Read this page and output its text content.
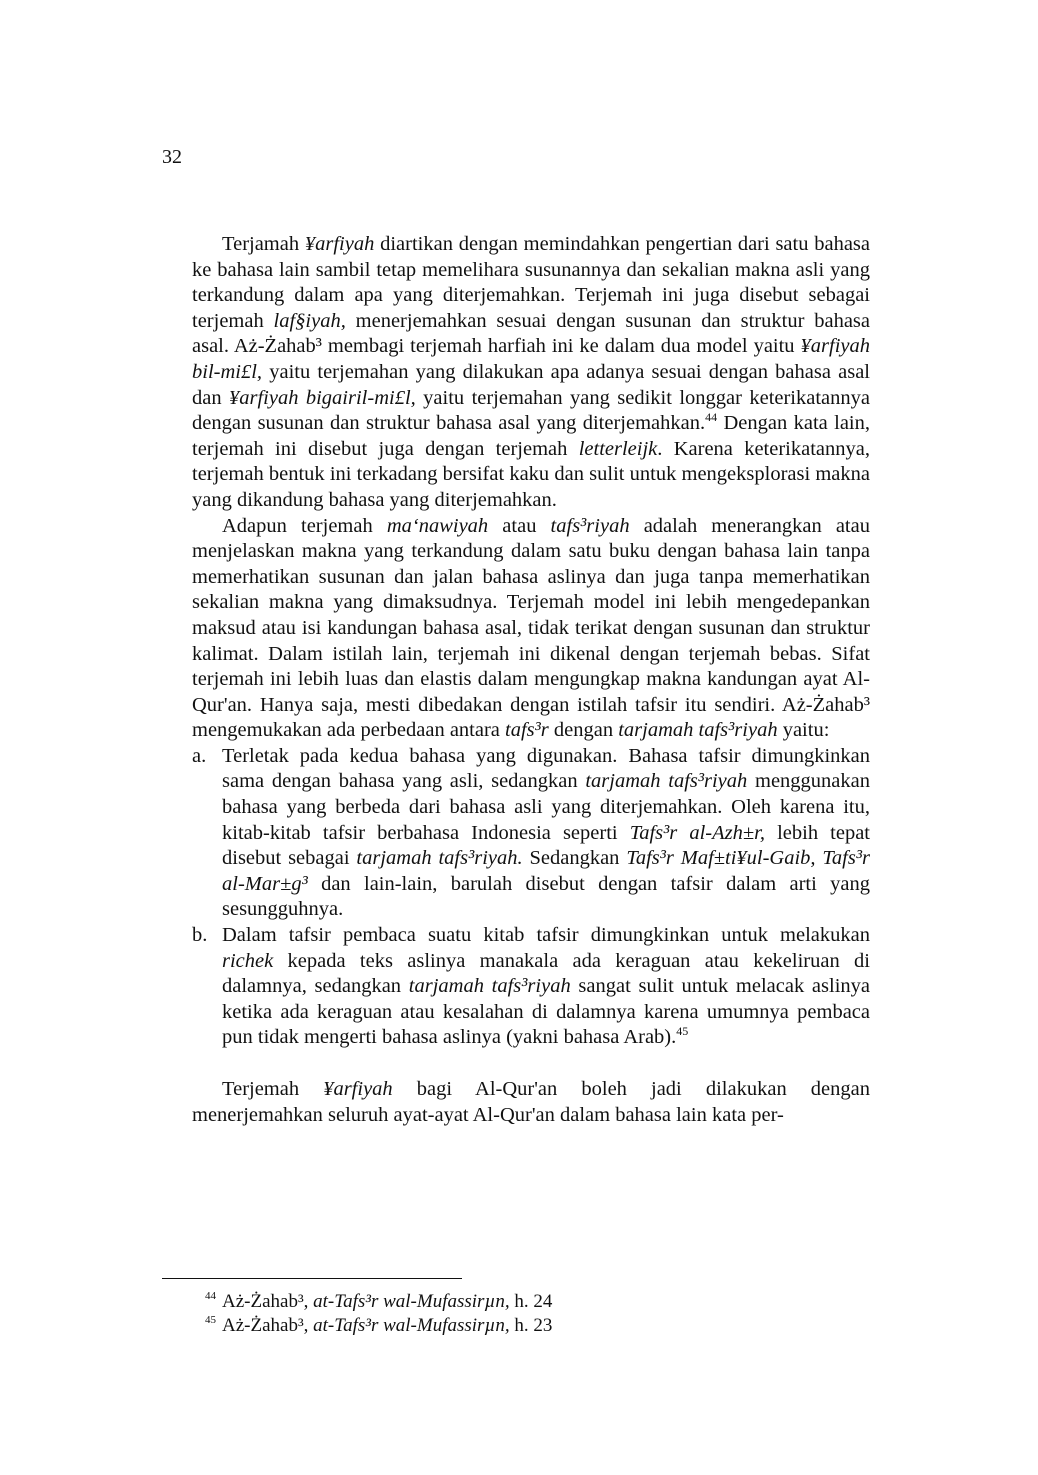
32

Terjamah ¥arfiyah diartikan dengan memindahkan pengertian dari satu bahasa ke bahasa lain sambil tetap memelihara susunannya dan sekalian makna asli yang terkandung dalam apa yang diterjemahkan. Terjemah ini juga disebut sebagai terjemah laf§iyah, menerjemahkan sesuai dengan susunan dan struktur bahasa asal. Aż-Żahab³ membagi terjemah harfiah ini ke dalam dua model yaitu ¥arfiyah bil-mi£l, yaitu terjemahan yang dilakukan apa adanya sesuai dengan bahasa asal dan ¥arfiyah bigairil-mi£l, yaitu terjemahan yang sedikit longgar keterikatannya dengan susunan dan struktur bahasa asal yang diterjemahkan.$^{44}$ Dengan kata lain, terjemah ini disebut juga dengan terjemah letterleijk. Karena keterikatannya, terjemah bentuk ini terkadang bersifat kaku dan sulit untuk mengeksplorasi makna yang dikandung bahasa yang diterjemahkan.

Adapun terjemah ma‘nawiyah atau tafs³riyah adalah menerangkan atau menjelaskan makna yang terkandung dalam satu buku dengan bahasa lain tanpa memerhatikan susunan dan jalan bahasa aslinya dan juga tanpa memerhatikan sekalian makna yang dimaksudnya. Terjemah model ini lebih mengedepankan maksud atau isi kandungan bahasa asal, tidak terikat dengan susunan dan struktur kalimat. Dalam istilah lain, terjemah ini dikenal dengan terjemah bebas. Sifat terjemah ini lebih luas dan elastis dalam mengungkap makna kandungan ayat Al-Qur'an. Hanya saja, mesti dibedakan dengan istilah tafsir itu sendiri. Aż-Żahab³ mengemukakan ada perbedaan antara tafs³r dengan tarjamah tafs³riyah yaitu:

a. Terletak pada kedua bahasa yang digunakan. Bahasa tafsir dimungkinkan sama dengan bahasa yang asli, sedangkan tarjamah tafs³riyah menggunakan bahasa yang berbeda dari bahasa asli yang diterjemahkan. Oleh karena itu, kitab-kitab tafsir berbahasa Indonesia seperti Tafs³r al-Azh±r, lebih tepat disebut sebagai tarjamah tafs³riyah. Sedangkan Tafs³r Maf±ti¥ul-Gaib, Tafs³r al-Mar±g³ dan lain-lain, barulah disebut dengan tafsir dalam arti yang sesungguhnya.
b. Dalam tafsir pembaca suatu kitab tafsir dimungkinkan untuk melakukan richek kepada teks aslinya manakala ada keraguan atau kekeliruan di dalamnya, sedangkan tarjamah tafs³riyah sangat sulit untuk melacak aslinya ketika ada keraguan atau kesalahan di dalamnya karena umumnya pembaca pun tidak mengerti bahasa aslinya (yakni bahasa Arab).$^{45}$

Terjemah ¥arfiyah bagi Al-Qur'an boleh jadi dilakukan dengan menerjemahkan seluruh ayat-ayat Al-Qur'an dalam bahasa lain kata per-

$^{44}$ Aż-Żahab³, at-Tafs³r wal-Mufassirµn, h. 24
$^{45}$ Aż-Żahab³, at-Tafs³r wal-Mufassirµn, h. 23
